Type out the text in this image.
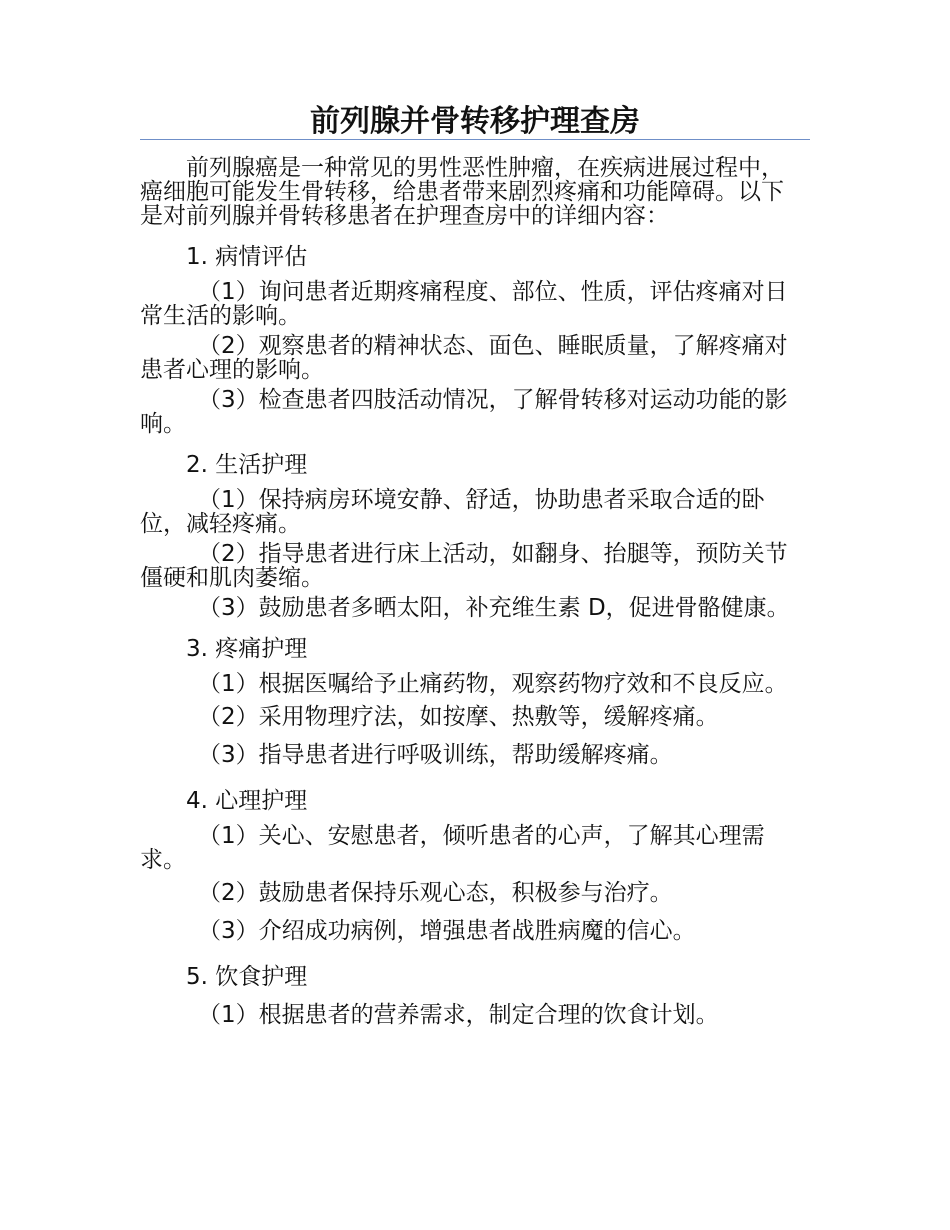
前列腺并骨转移护理查房

前列腺癌是一种常见的男性恶性肿瘤，在疾病进展过程中，癌细胞可能发生骨转移，给患者带来剧烈疼痛和功能障碍。以下是对前列腺并骨转移患者在护理查房中的详细内容：

1. 病情评估

（1）询问患者近期疼痛程度、部位、性质，评估疼痛对日常生活的影响。

（2）观察患者的精神状态、面色、睡眠质量，了解疼痛对患者心理的影响。

（3）检查患者四肢活动情况，了解骨转移对运动功能的影响。

2. 生活护理

（1）保持病房环境安静、舒适，协助患者采取合适的卧位，减轻疼痛。

（2）指导患者进行床上活动，如翻身、抬腿等，预防关节僵硬和肌肉萎缩。

（3）鼓励患者多晒太阳，补充维生素 D，促进骨骼健康。

3. 疼痛护理

（1）根据医嘱给予止痛药物，观察药物疗效和不良反应。

（2）采用物理疗法，如按摩、热敷等，缓解疼痛。

（3）指导患者进行呼吸训练，帮助缓解疼痛。

4. 心理护理

（1）关心、安慰患者，倾听患者的心声，了解其心理需求。

（2）鼓励患者保持乐观心态，积极参与治疗。

（3）介绍成功病例，增强患者战胜病魔的信心。

5. 饮食护理

（1）根据患者的营养需求，制定合理的饮食计划。
